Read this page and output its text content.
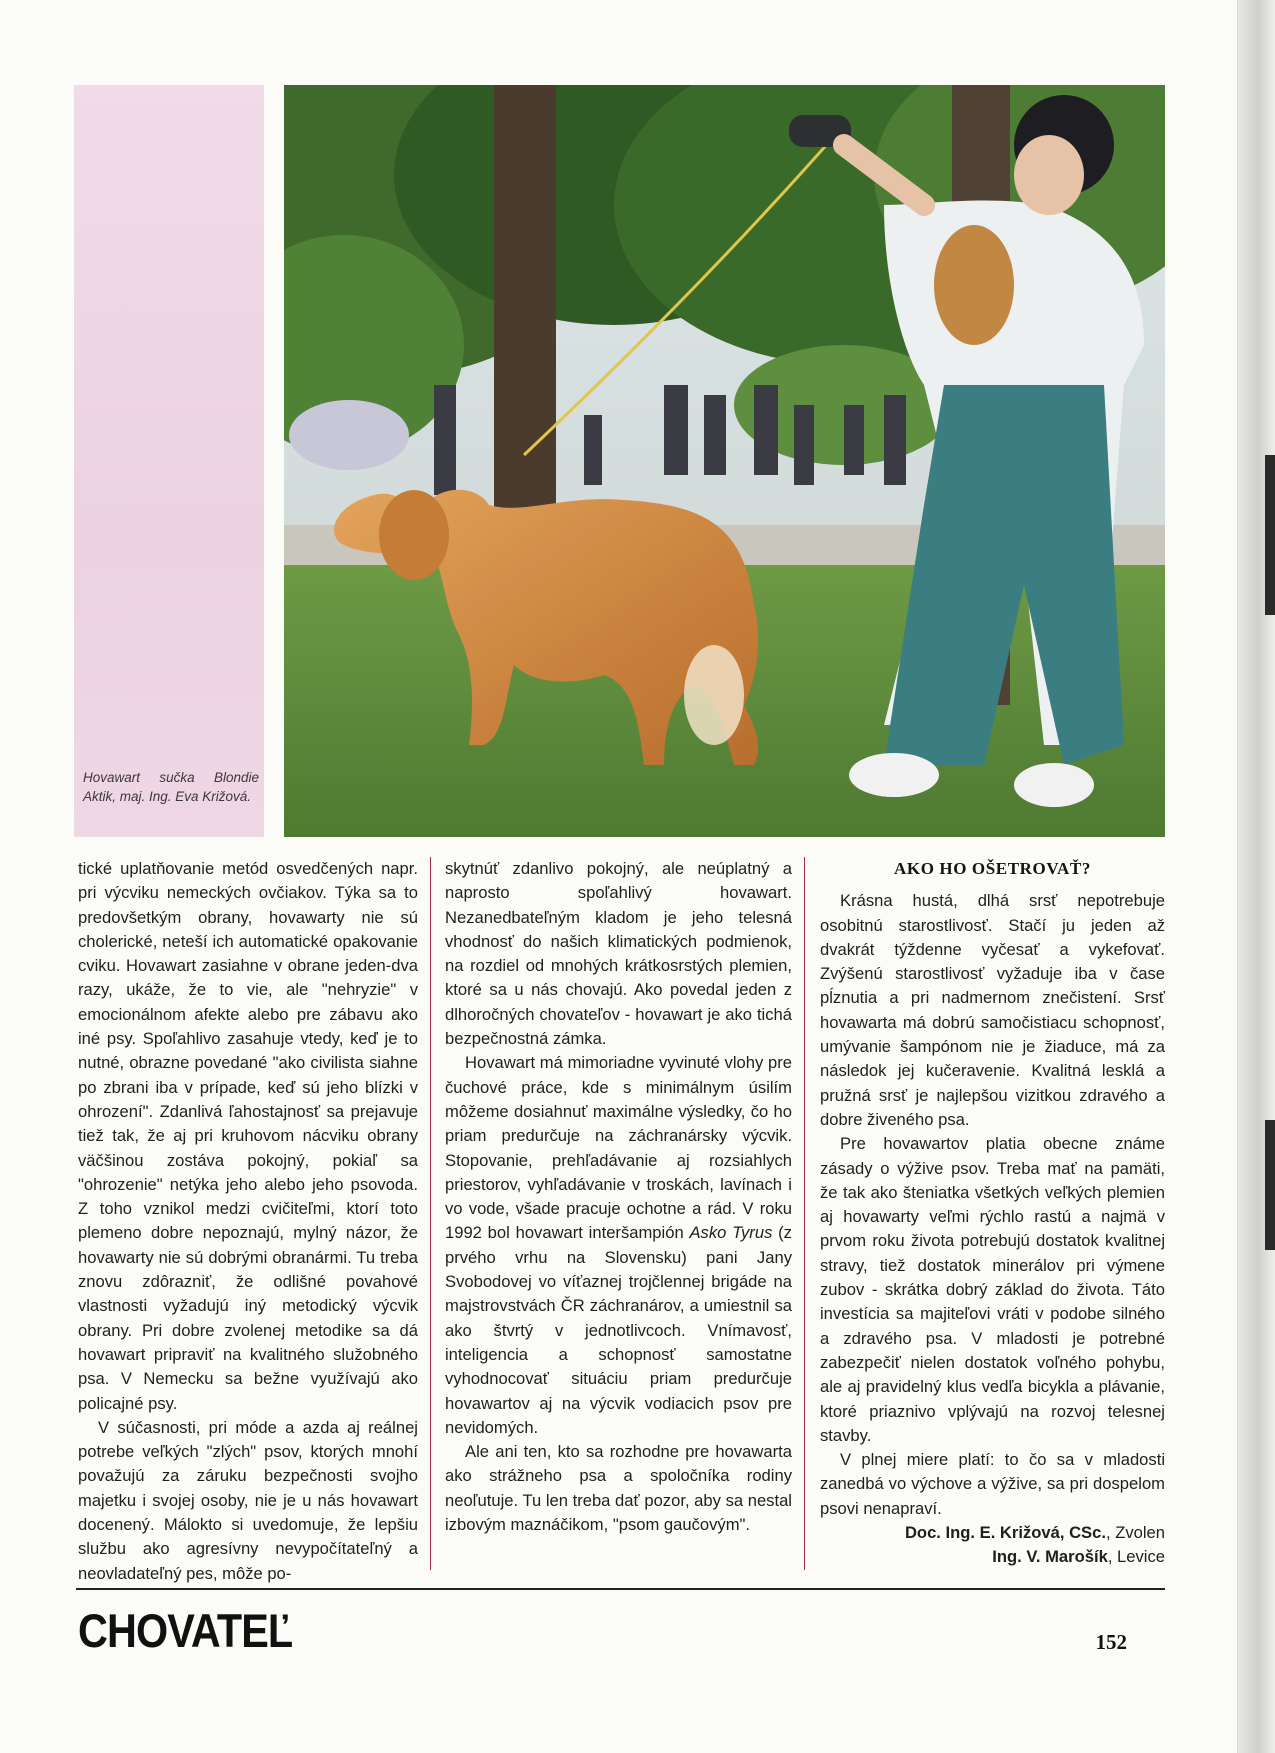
Hovawart sučka Blondie Aktik, maj. Ing. Eva Križová.

tické uplatňovanie metód osvedčených napr. pri výcviku nemeckých ovčiakov. Týka sa to predovšetkým obrany, hovawarty nie sú cholerické, neteší ich automatické opakovanie cviku. Hovawart zasiahne v obrane jeden-dva razy, ukáže, že to vie, ale "nehryzie" v emocionálnom afekte alebo pre zábavu ako iné psy. Spoľahlivo zasahuje vtedy, keď je to nutné, obrazne povedané "ako civilista siahne po zbrani iba v prípade, keď sú jeho blízki v ohrození". Zdanlivá ľahostajnosť sa prejavuje tiež tak, že aj pri kruhovom nácviku obrany väčšinou zostáva pokojný, pokiaľ sa "ohrozenie" netýka jeho alebo jeho psovoda. Z toho vznikol medzi cvičiteľmi, ktorí toto plemeno dobre nepoznajú, mylný názor, že hovawarty nie sú dobrými obranármi. Tu treba znovu zdôrazniť, že odlišné povahové vlastnosti vyžadujú iný metodický výcvik obrany. Pri dobre zvolenej metodike sa dá hovawart pripraviť na kvalitného služobného psa. V Nemecku sa bežne využívajú ako policajné psy.

V súčasnosti, pri móde a azda aj reálnej potrebe veľkých "zlých" psov, ktorých mnohí považujú za záruku bezpečnosti svojho majetku i svojej osoby, nie je u nás hovawart docenený. Málokto si uvedomuje, že lepšiu službu ako agresívny nevypočítateľný a neovladateľný pes, môže po-

skytnúť zdanlivo pokojný, ale neúplatný a naprosto spoľahlivý hovawart. Nezanedbateľným kladom je jeho telesná vhodnosť do našich klimatických podmienok, na rozdiel od mnohých krátkosrstých plemien, ktoré sa u nás chovajú. Ako povedal jeden z dlhoročných chovateľov - hovawart je ako tichá bezpečnostná zámka.

Hovawart má mimoriadne vyvinuté vlohy pre čuchové práce, kde s minimálnym úsilím môžeme dosiahnuť maximálne výsledky, čo ho priam predurčuje na záchranársky výcvik. Stopovanie, prehľadávanie aj rozsiahlych priestorov, vyhľadávanie v troskách, lavínach i vo vode, všade pracuje ochotne a rád. V roku 1992 bol hovawart interšampión Asko Tyrus (z prvého vrhu na Slovensku) pani Jany Svobodovej vo víťaznej trojčlennej brigáde na majstrovstvách ČR záchranárov, a umiestnil sa ako štvrtý v jednotlivcoch. Vnímavosť, inteligencia a schopnosť samostatne vyhodnocovať situáciu priam predurčuje hovawartov aj na výcvik vodiacich psov pre nevidomých.

Ale ani ten, kto sa rozhodne pre hovawarta ako strážneho psa a spoločníka rodiny neoľutuje. Tu len treba dať pozor, aby sa nestal izbovým maznáčikom, "psom gaučovým".

AKO HO OŠETROVAŤ?

Krásna hustá, dlhá srsť nepotrebuje osobitnú starostlivosť. Stačí ju jeden až dvakrát týždenne vyčesať a vykefovať. Zvýšenú starostlivosť vyžaduje iba v čase pĺznutia a pri nadmernom znečistení. Srsť hovawarta má dobrú samočistiacu schopnosť, umývanie šampónom nie je žiaduce, má za následok jej kučeravenie. Kvalitná lesklá a pružná srsť je najlepšou vizitkou zdravého a dobre živeného psa.

Pre hovawartov platia obecne známe zásady o výžive psov. Treba mať na pamäti, že tak ako šteniatka všetkých veľkých plemien aj hovawarty veľmi rýchlo rastú a najmä v prvom roku života potrebujú dostatok kvalitnej stravy, tiež dostatok minerálov pri výmene zubov - skrátka dobrý základ do života. Táto investícia sa majiteľovi vráti v podobe silného a zdravého psa. V mladosti je potrebné zabezpečiť nielen dostatok voľného pohybu, ale aj pravidelný klus vedľa bicykla a plávanie, ktoré priaznivo vplývajú na rozvoj telesnej stavby.

V plnej miere platí: to čo sa v mladosti zanedbá vo výchove a výžive, sa pri dospelom psovi nenapraví.

Doc. Ing. E. Križová, CSc., Zvolen

Ing. V. Marošík, Levice

CHOVATEĽ	152
